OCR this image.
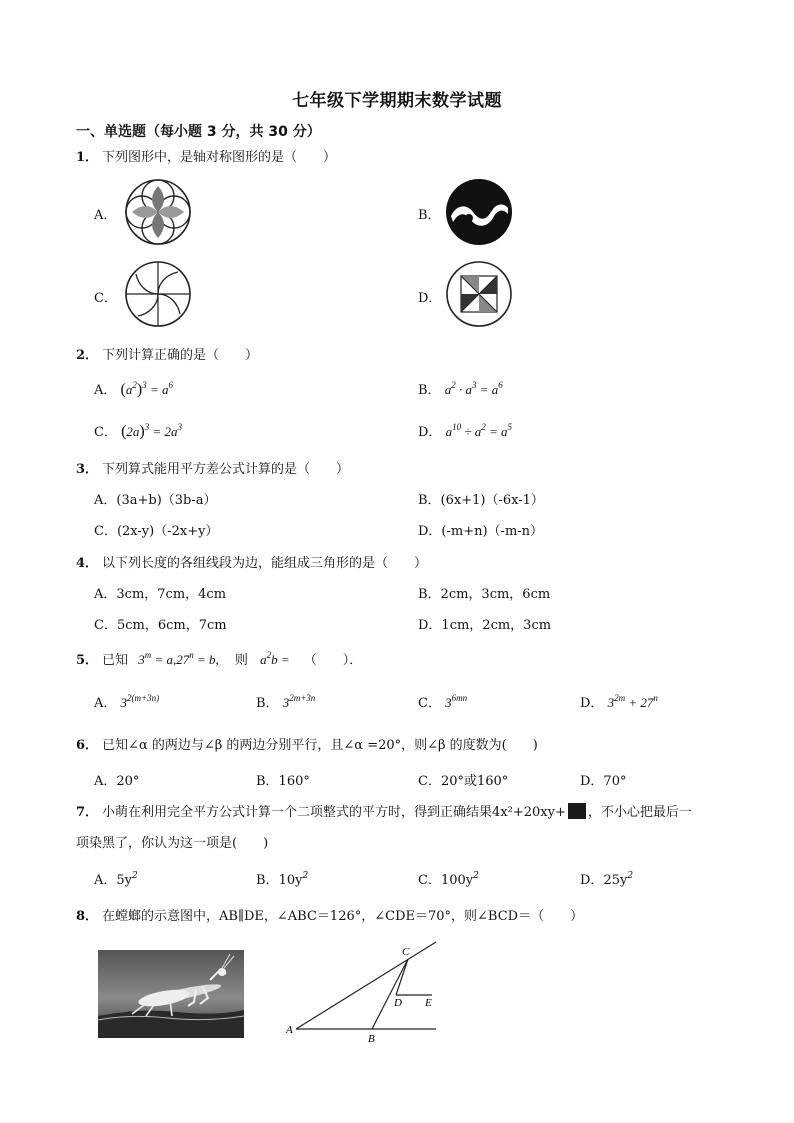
七年级下学期期末数学试题
一、单选题（每小题 3 分，共 30 分）
1． 下列图形中，是轴对称图形的是（　　）
A．	B．
C．	D．
2． 下列计算正确的是（　　）
A． $(a^2)^3 = a^6$	B． $a^2 \cdot a^3 = a^6$
C． $(2a)^3 = 2a^3$	D． $a^{10} \div a^2 = a^5$
3． 下列算式能用平方差公式计算的是（　　）
A．(3a+b)（3b-a）	B．(6x+1)（-6x-1）
C．(2x-y)（-2x+y）	D．(-m+n)（-m-n）
4． 以下列长度的各组线段为边，能组成三角形的是（　　）
A．3cm，7cm，4cm	B．2cm，3cm，6cm
C．5cm，6cm，7cm	D．1cm，2cm，3cm
5． 已知 $3^m = a,27^n = b$, 则 $a^2b$ = （　　）．
A． $3^{2(m+3n)}$	B． $3^{2m+3n}$	C． $3^{6mn}$	D． $3^{2m} + 27^n$
6． 已知∠α 的两边与∠β 的两边分别平行，且∠α =20°，则∠β 的度数为(　　)
A．20°	B．160°	C．20°或160°	D．70°
7． 小萌在利用完全平方公式计算一个二项整式的平方时，得到正确结果4x²+20xy+ ，不小心把最后一
项染黑了，你认为这一项是(　　)
A．$5y^2$	B．$10y^2$	C．$100y^2$	D．$25y^2$
8． 在螳螂的示意图中，AB∥DE，∠ABC＝126°，∠CDE＝70°，则∠BCD＝（　　）
A
B
C
D E
